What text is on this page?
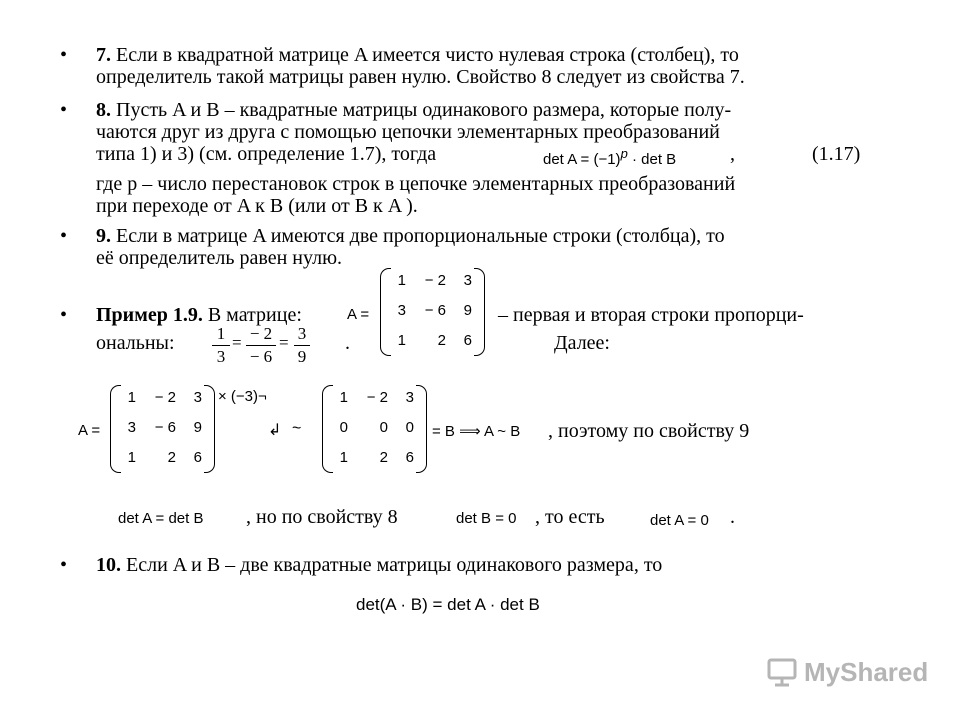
• 7. Если в квадратной матрице A имеется чисто нулевая строка (столбец), то
определитель такой матрицы равен нулю. Свойство 8 следует из свойства 7.
• 8. Пусть A и B – квадратные матрицы одинакового размера, которые полу-
чаются друг из друга с помощью цепочки элементарных преобразований
типа 1) и 3) (см. определение 1.7), тогда	$\det A = (-1)^p \cdot \det B$	,	(1.17)
где p – число перестановок строк в цепочке элементарных преобразований
при переходе от A к B (или от B к A ).
• 9. Если в матрице A имеются две пропорциональные строки (столбца), то
её определитель равен нулю.
• Пример 1.9. В матрице:	A =
1	− 2	3
3	− 6	9
1	2	6
– первая и вторая строки пропорци-
ональны: 1
3
= − 2
− 6
= 3
9
.	Далее:
A =
1	− 2	3
3	− 6	9
1	2	6
× (−3)¬
↲ ~
1	− 2	3
0	0	0
1	2	6
= B ⟹ A ~ B , поэтому по свойству 9
det A = det B , но по свойству 8	det B = 0 , то есть	det A = 0 .
• 10. Если A и B – две квадратные матрицы одинакового размера, то
det(A · B) = det A · det B
MyShared
